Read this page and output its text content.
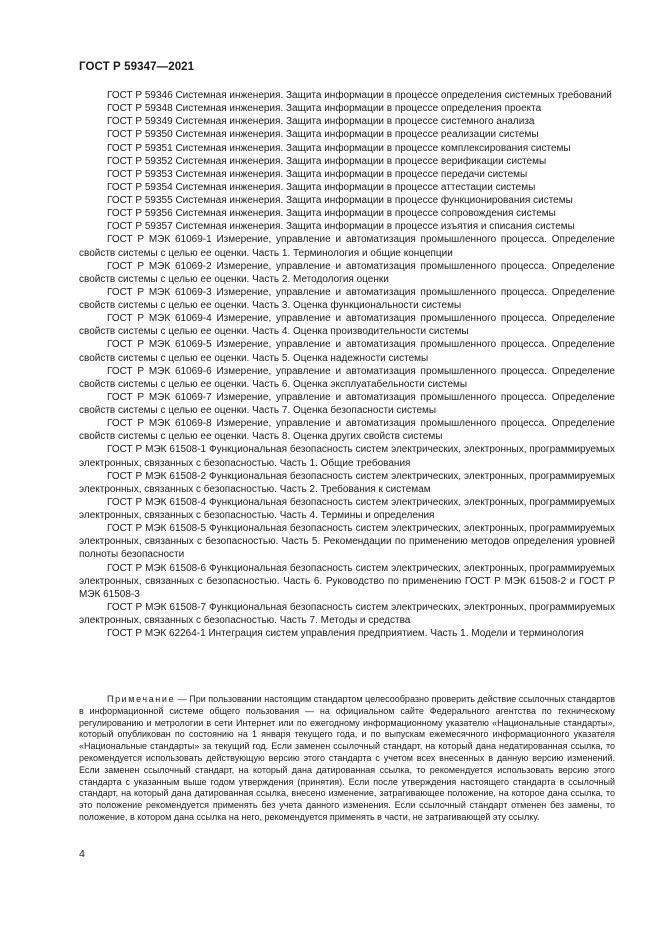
ГОСТ Р 59347—2021

ГОСТ Р 59346 Системная инженерия. Защита информации в процессе определения системных требований

ГОСТ Р 59348 Системная инженерия. Защита информации в процессе определения проекта

ГОСТ Р 59349 Системная инженерия. Защита информации в процессе системного анализа

ГОСТ Р 59350 Системная инженерия. Защита информации в процессе реализации системы

ГОСТ Р 59351 Системная инженерия. Защита информации в процессе комплексирования системы

ГОСТ Р 59352 Системная инженерия. Защита информации в процессе верификации системы

ГОСТ Р 59353 Системная инженерия. Защита информации в процессе передачи системы

ГОСТ Р 59354 Системная инженерия. Защита информации в процессе аттестации системы

ГОСТ Р 59355 Системная инженерия. Защита информации в процессе функционирования системы

ГОСТ Р 59356 Системная инженерия. Защита информации в процессе сопровождения системы

ГОСТ Р 59357 Системная инженерия. Защита информации в процессе изъятия и списания системы

ГОСТ Р МЭК 61069-1 Измерение, управление и автоматизация промышленного процесса. Определение свойств системы с целью ее оценки. Часть 1. Терминология и общие концепции

ГОСТ Р МЭК 61069-2 Измерение, управление и автоматизация промышленного процесса. Определение свойств системы с целью ее оценки. Часть 2. Методология оценки

ГОСТ Р МЭК 61069-3 Измерение, управление и автоматизация промышленного процесса. Определение свойств системы с целью ее оценки. Часть 3. Оценка функциональности системы

ГОСТ Р МЭК 61069-4 Измерение, управление и автоматизация промышленного процесса. Определение свойств системы с целью ее оценки. Часть 4. Оценка производительности системы

ГОСТ Р МЭК 61069-5 Измерение, управление и автоматизация промышленного процесса. Определение свойств системы с целью ее оценки. Часть 5. Оценка надежности системы

ГОСТ Р МЭК 61069-6 Измерение, управление и автоматизация промышленного процесса. Определение свойств системы с целью ее оценки. Часть 6. Оценка эксплуатабельности системы

ГОСТ Р МЭК 61069-7 Измерение, управление и автоматизация промышленного процесса. Определение свойств системы с целью ее оценки. Часть 7. Оценка безопасности системы

ГОСТ Р МЭК 61069-8 Измерение, управление и автоматизация промышленного процесса. Определение свойств системы с целью ее оценки. Часть 8. Оценка других свойств системы

ГОСТ Р МЭК 61508-1 Функциональная безопасность систем электрических, электронных, программируемых электронных, связанных с безопасностью. Часть 1. Общие требования

ГОСТ Р МЭК 61508-2 Функциональная безопасность систем электрических, электронных, программируемых электронных, связанных с безопасностью. Часть 2. Требования к системам

ГОСТ Р МЭК 61508-4 Функциональная безопасность систем электрических, электронных, программируемых электронных, связанных с безопасностью. Часть 4. Термины и определения

ГОСТ Р МЭК 61508-5 Функциональная безопасность систем электрических, электронных, программируемых электронных, связанных с безопасностью. Часть 5. Рекомендации по применению методов определения уровней полноты безопасности

ГОСТ Р МЭК 61508-6 Функциональная безопасность систем электрических, электронных, программируемых электронных, связанных с безопасностью. Часть 6. Руководство по применению ГОСТ Р МЭК 61508-2 и ГОСТ Р МЭК 61508-3

ГОСТ Р МЭК 61508-7 Функциональная безопасность систем электрических, электронных, программируемых электронных, связанных с безопасностью. Часть 7. Методы и средства

ГОСТ Р МЭК 62264-1 Интеграция систем управления предприятием. Часть 1. Модели и терминология

Примечание — При пользовании настоящим стандартом целесообразно проверить действие ссылочных стандартов в информационной системе общего пользования — на официальном сайте Федерального агентства по техническому регулированию и метрологии в сети Интернет или по ежегодному информационному указателю «Национальные стандарты», который опубликован по состоянию на 1 января текущего года, и по выпускам ежемесячного информационного указателя «Национальные стандарты» за текущий год. Если заменен ссылочный стандарт, на который дана недатированная ссылка, то рекомендуется использовать действующую версию этого стандарта с учетом всех внесенных в данную версию изменений. Если заменен ссылочный стандарт, на который дана датированная ссылка, то рекомендуется использовать версию этого стандарта с указанным выше годом утверждения (принятия). Если после утверждения настоящего стандарта в ссылочный стандарт, на который дана датированная ссылка, внесено изменение, затрагивающее положение, на которое дана ссылка, то это положение рекомендуется применять без учета данного изменения. Если ссылочный стандарт отменен без замены, то положение, в котором дана ссылка на него, рекомендуется применять в части, не затрагивающей эту ссылку.

4
